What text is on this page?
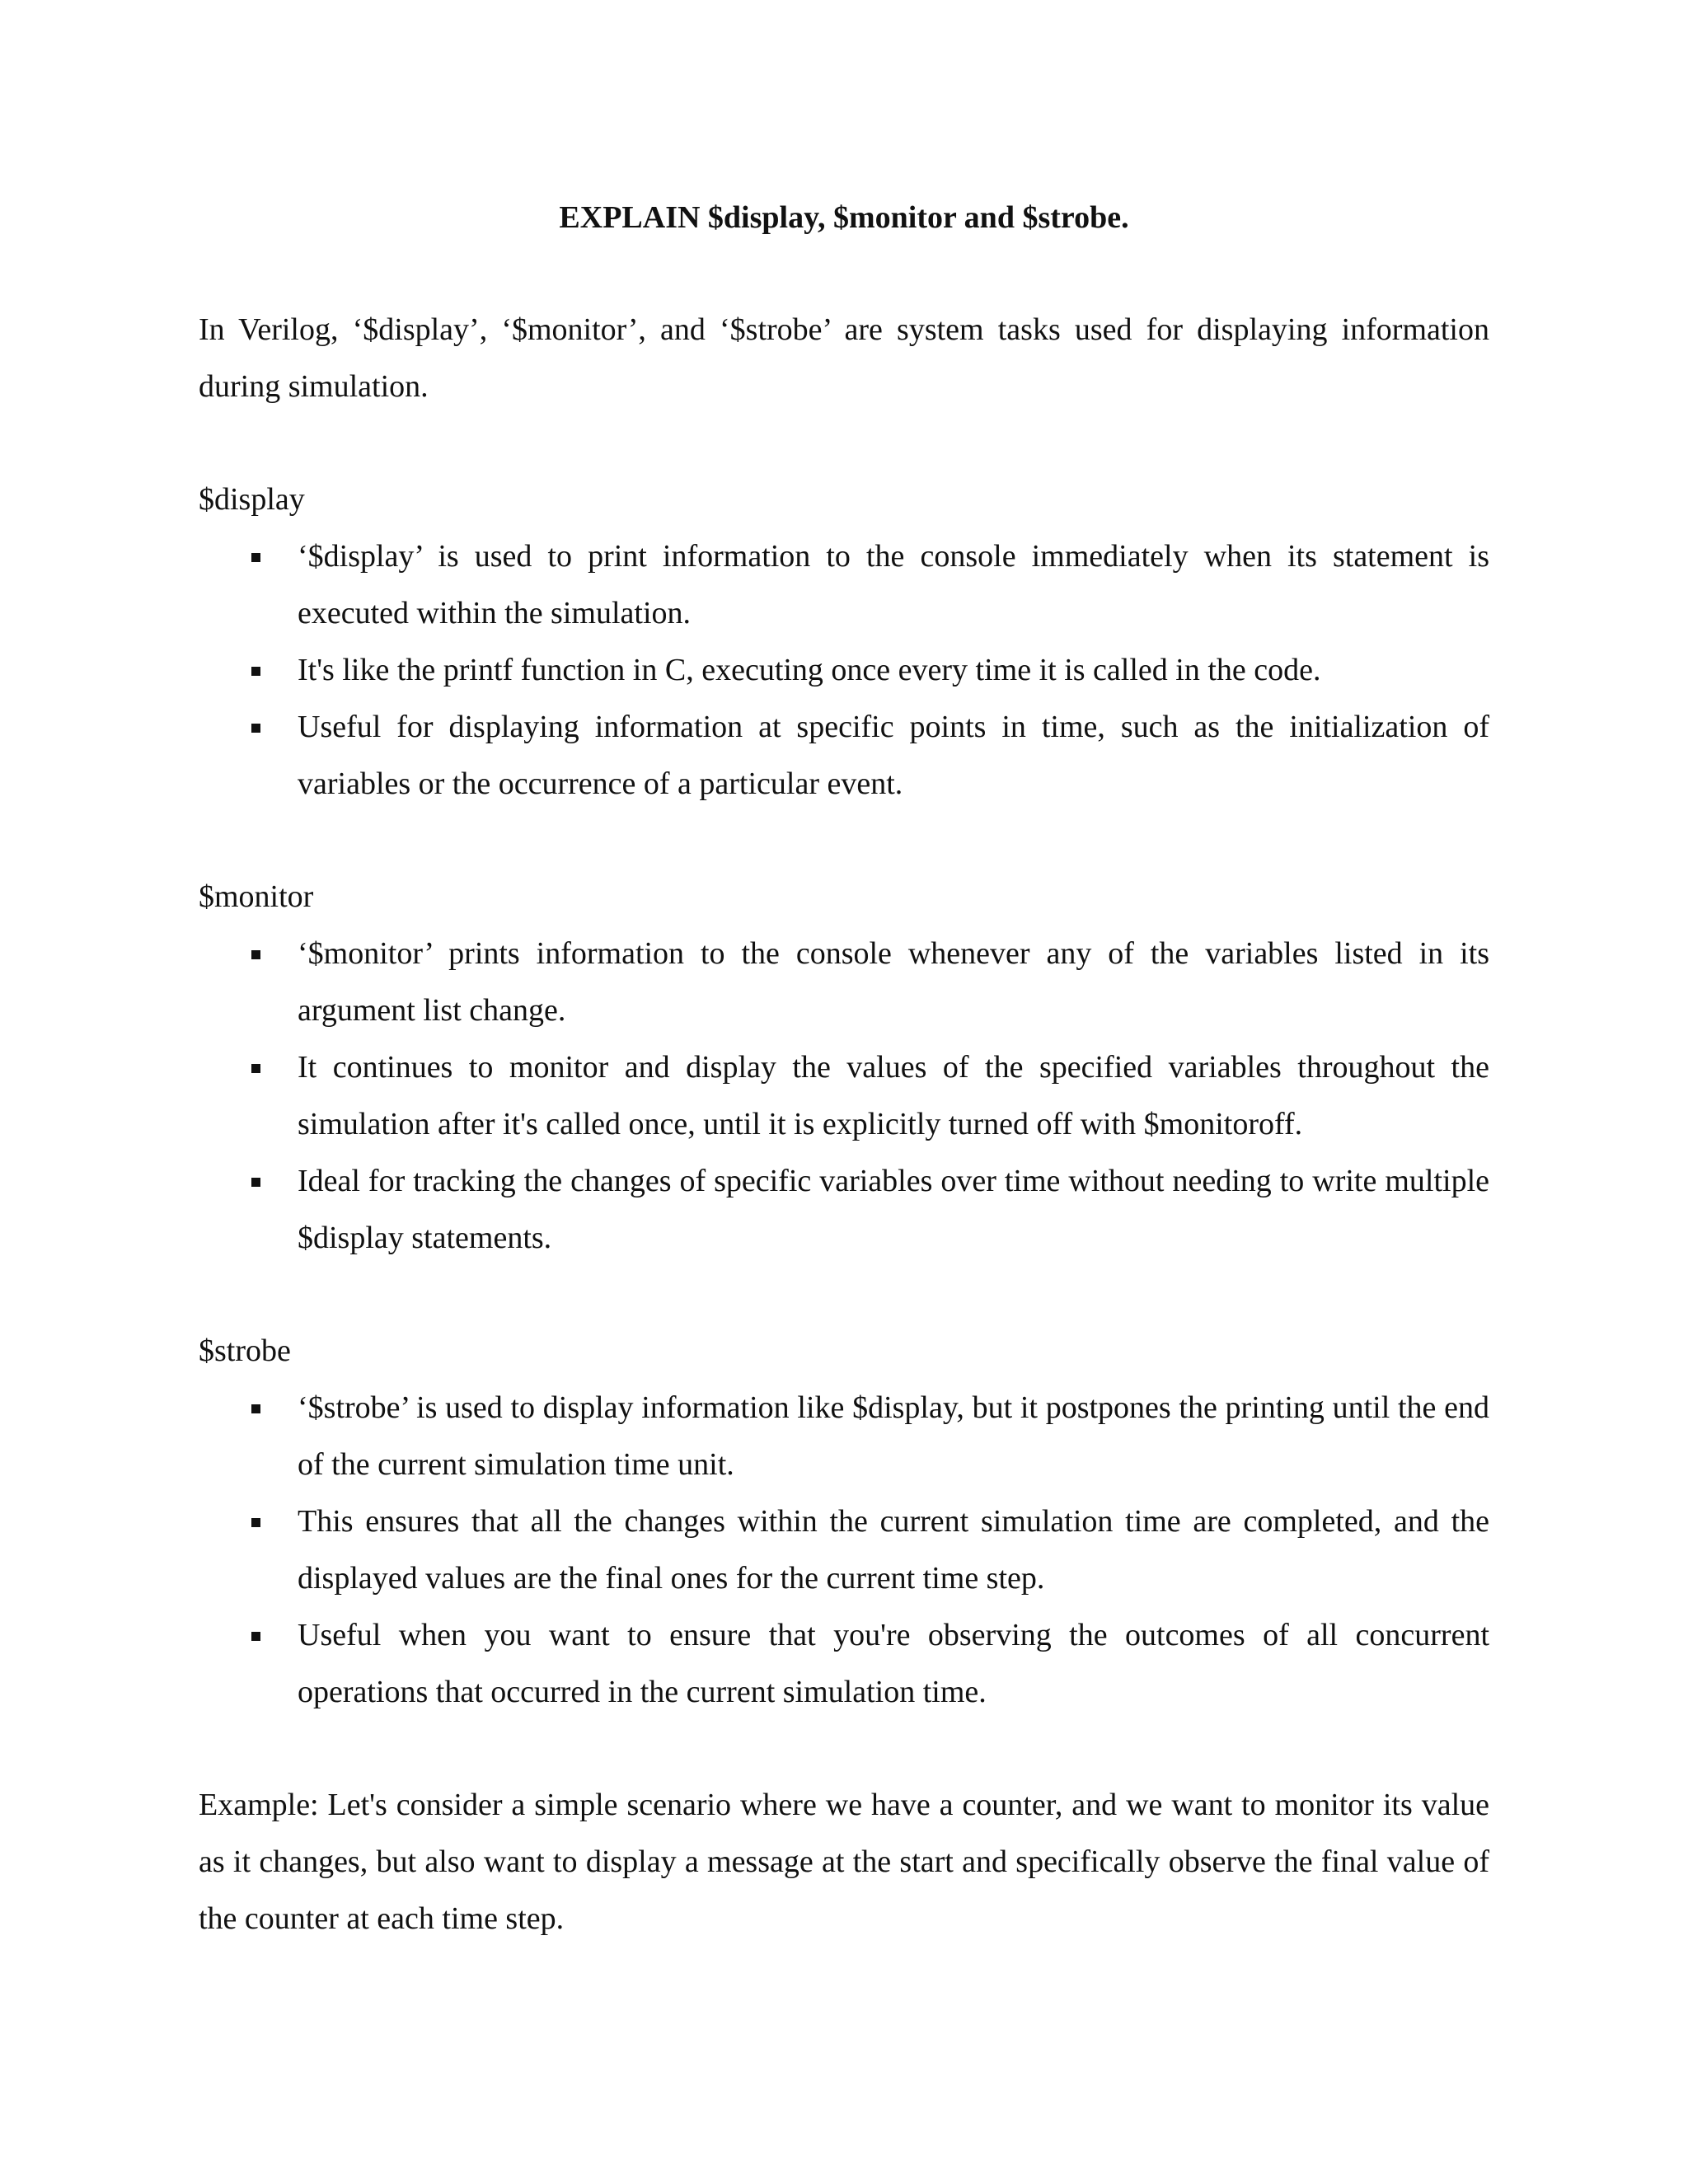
EXPLAIN $display, $monitor and $strobe.

In Verilog, ‘$display’, ‘$monitor’, and ‘$strobe’ are system tasks used for displaying information during simulation.

$display

‘$display’ is used to print information to the console immediately when its statement is executed within the simulation.
It's like the printf function in C, executing once every time it is called in the code.
Useful for displaying information at specific points in time, such as the initialization of variables or the occurrence of a particular event.

$monitor

‘$monitor’ prints information to the console whenever any of the variables listed in its argument list change.
It continues to monitor and display the values of the specified variables throughout the simulation after it's called once, until it is explicitly turned off with $monitoroff.
Ideal for tracking the changes of specific variables over time without needing to write multiple $display statements.

$strobe

‘$strobe’ is used to display information like $display, but it postpones the printing until the end of the current simulation time unit.
This ensures that all the changes within the current simulation time are completed, and the displayed values are the final ones for the current time step.
Useful when you want to ensure that you're observing the outcomes of all concurrent operations that occurred in the current simulation time.

Example: Let's consider a simple scenario where we have a counter, and we want to monitor its value as it changes, but also want to display a message at the start and specifically observe the final value of the counter at each time step.
